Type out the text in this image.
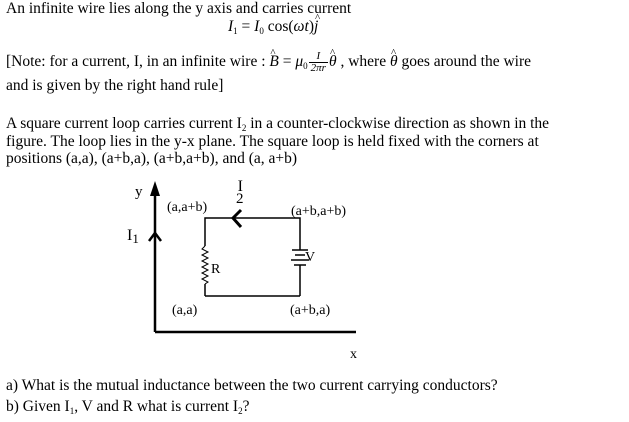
An infinite wire lies along the y axis and carries current
$I_1 = I_0$ cos(ωt)^ j
[Note: for a current, I, in an infinite wire : ^ $B = \mu_0 \frac{I}{2\pi r}$
^ θ , where ^ θ goes around the wire
and is given by the right hand rule]
A square current loop carries current $I_2$ in a counter-clockwise direction as shown in the
figure. The loop lies in the y-x plane. The square loop is held fixed with the corners at
positions (a,a), (a+b,a), (a+b,a+b), and (a, a+b)
y
x
I1
I 2
(a,a+b)	(a+b,a+b)
(a,a)	(a+b,a)
R
V
a) What is the mutual inductance between the two current carrying conductors?
b) Given $I_1$, V and R what is current $I_2$?
